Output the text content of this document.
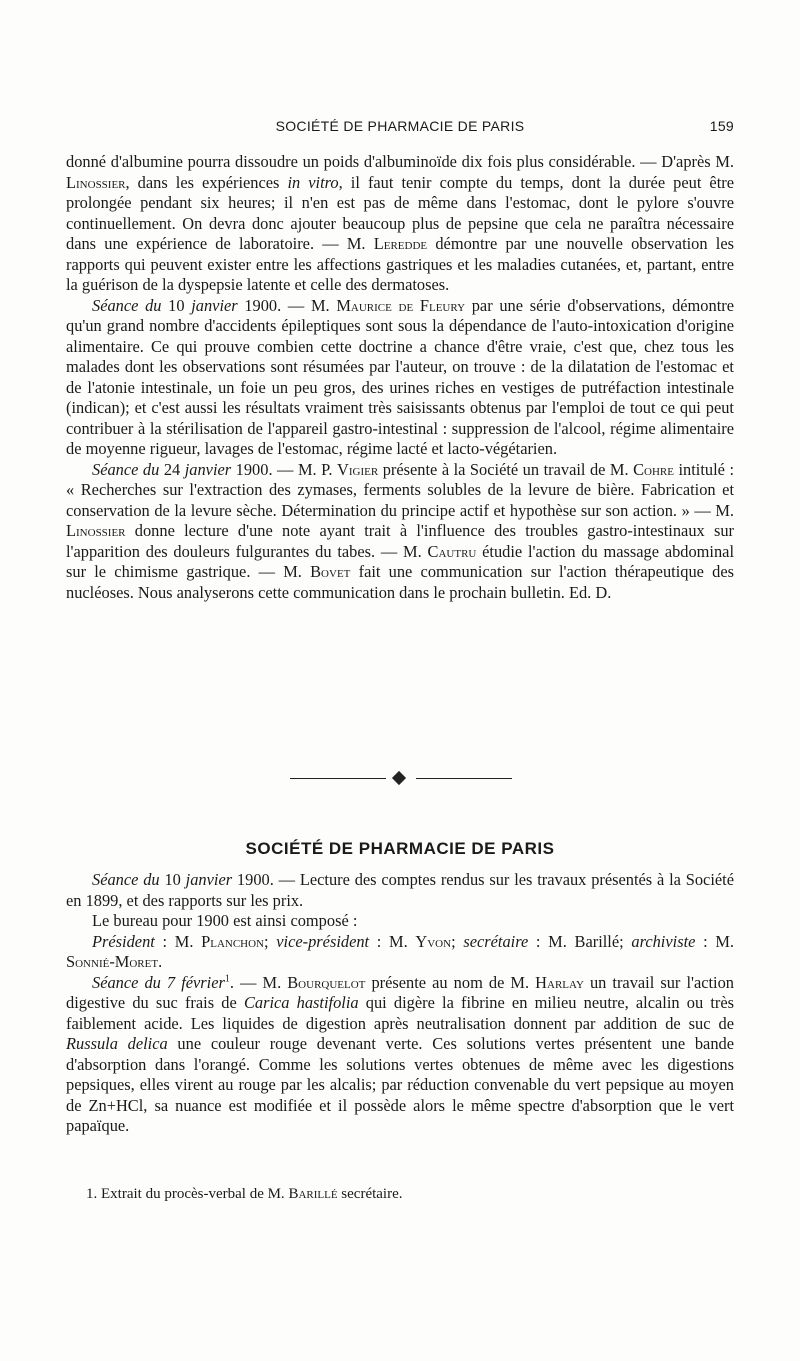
SOCIÉTÉ DE PHARMACIE DE PARIS	159

donné d'albumine pourra dissoudre un poids d'albuminoïde dix fois plus considérable. — D'après M. Linossier, dans les expériences in vitro, il faut tenir compte du temps, dont la durée peut être prolongée pendant six heures; il n'en est pas de même dans l'estomac, dont le pylore s'ouvre continuellement. On devra donc ajouter beaucoup plus de pepsine que cela ne paraîtra nécessaire dans une expérience de laboratoire. — M. Leredde démontre par une nouvelle observation les rapports qui peuvent exister entre les affections gastriques et les maladies cutanées, et, partant, entre la guérison de la dyspepsie latente et celle des dermatoses.

Séance du 10 janvier 1900. — M. Maurice de Fleury par une série d'observations, démontre qu'un grand nombre d'accidents épileptiques sont sous la dépendance de l'auto-intoxication d'origine alimentaire. Ce qui prouve combien cette doctrine a chance d'être vraie, c'est que, chez tous les malades dont les observations sont résumées par l'auteur, on trouve : de la dilatation de l'estomac et de l'atonie intestinale, un foie un peu gros, des urines riches en vestiges de putréfaction intestinale (indican); et c'est aussi les résultats vraiment très saisissants obtenus par l'emploi de tout ce qui peut contribuer à la stérilisation de l'appareil gastro-intestinal : suppression de l'alcool, régime alimentaire de moyenne rigueur, lavages de l'estomac, régime lacté et lacto-végétarien.

Séance du 24 janvier 1900. — M. P. Vigier présente à la Société un travail de M. Cohre intitulé : « Recherches sur l'extraction des zymases, ferments solubles de la levure de bière. Fabrication et conservation de la levure sèche. Détermination du principe actif et hypothèse sur son action. » — M. Linossier donne lecture d'une note ayant trait à l'influence des troubles gastro-intestinaux sur l'apparition des douleurs fulgurantes du tabes. — M. Cautru étudie l'action du massage abdominal sur le chimisme gastrique. — M. Bovet fait une communication sur l'action thérapeutique des nucléoses. Nous analyserons cette communication dans le prochain bulletin. Ed. D.

SOCIÉTÉ DE PHARMACIE DE PARIS

Séance du 10 janvier 1900. — Lecture des comptes rendus sur les travaux présentés à la Société en 1899, et des rapports sur les prix.

Le bureau pour 1900 est ainsi composé :

Président : M. Planchon; vice-président : M. Yvon; secrétaire : M. Barillé; archiviste : M. Sonnié-Moret.

Séance du 7 février$^1$. — M. Bourquelot présente au nom de M. Harlay un travail sur l'action digestive du suc frais de Carica hastifolia qui digère la fibrine en milieu neutre, alcalin ou très faiblement acide. Les liquides de digestion après neutralisation donnent par addition de suc de Russula delica une couleur rouge devenant verte. Ces solutions vertes présentent une bande d'absorption dans l'orangé. Comme les solutions vertes obtenues de même avec les digestions pepsiques, elles virent au rouge par les alcalis; par réduction convenable du vert pepsique au moyen de Zn+HCl, sa nuance est modifiée et il possède alors le même spectre d'absorption que le vert papaïque.

1. Extrait du procès-verbal de M. Barillé secrétaire.
